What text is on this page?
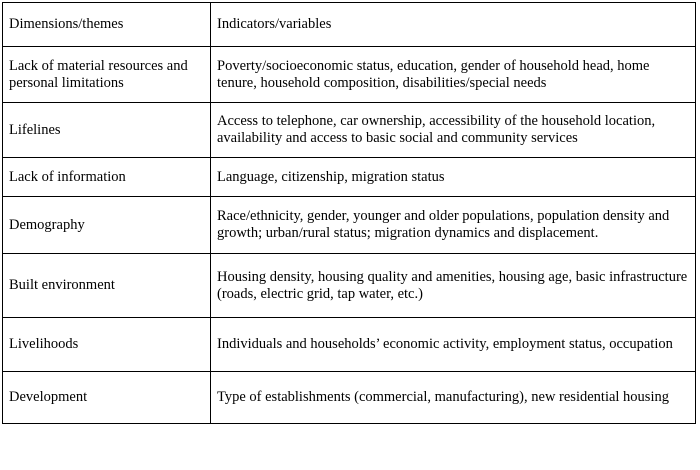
Dimensions/themes	Indicators/variables
Lack of material resources and personal limitations	Poverty/socioeconomic status, education, gender of household head, home tenure, household composition, disabilities/special needs
Lifelines	Access to telephone, car ownership, accessibility of the household location, availability and access to basic social and community services
Lack of information	Language, citizenship, migration status
Demography	Race/ethnicity, gender, younger and older populations, population density and growth; urban/rural status; migration dynamics and displacement.
Built environment	Housing density, housing quality and amenities, housing age, basic infrastructure (roads, electric grid, tap water, etc.)
Livelihoods	Individuals and households’ economic activity, employment status, occupation
Development	Type of establishments (commercial, manufacturing), new residential housing
